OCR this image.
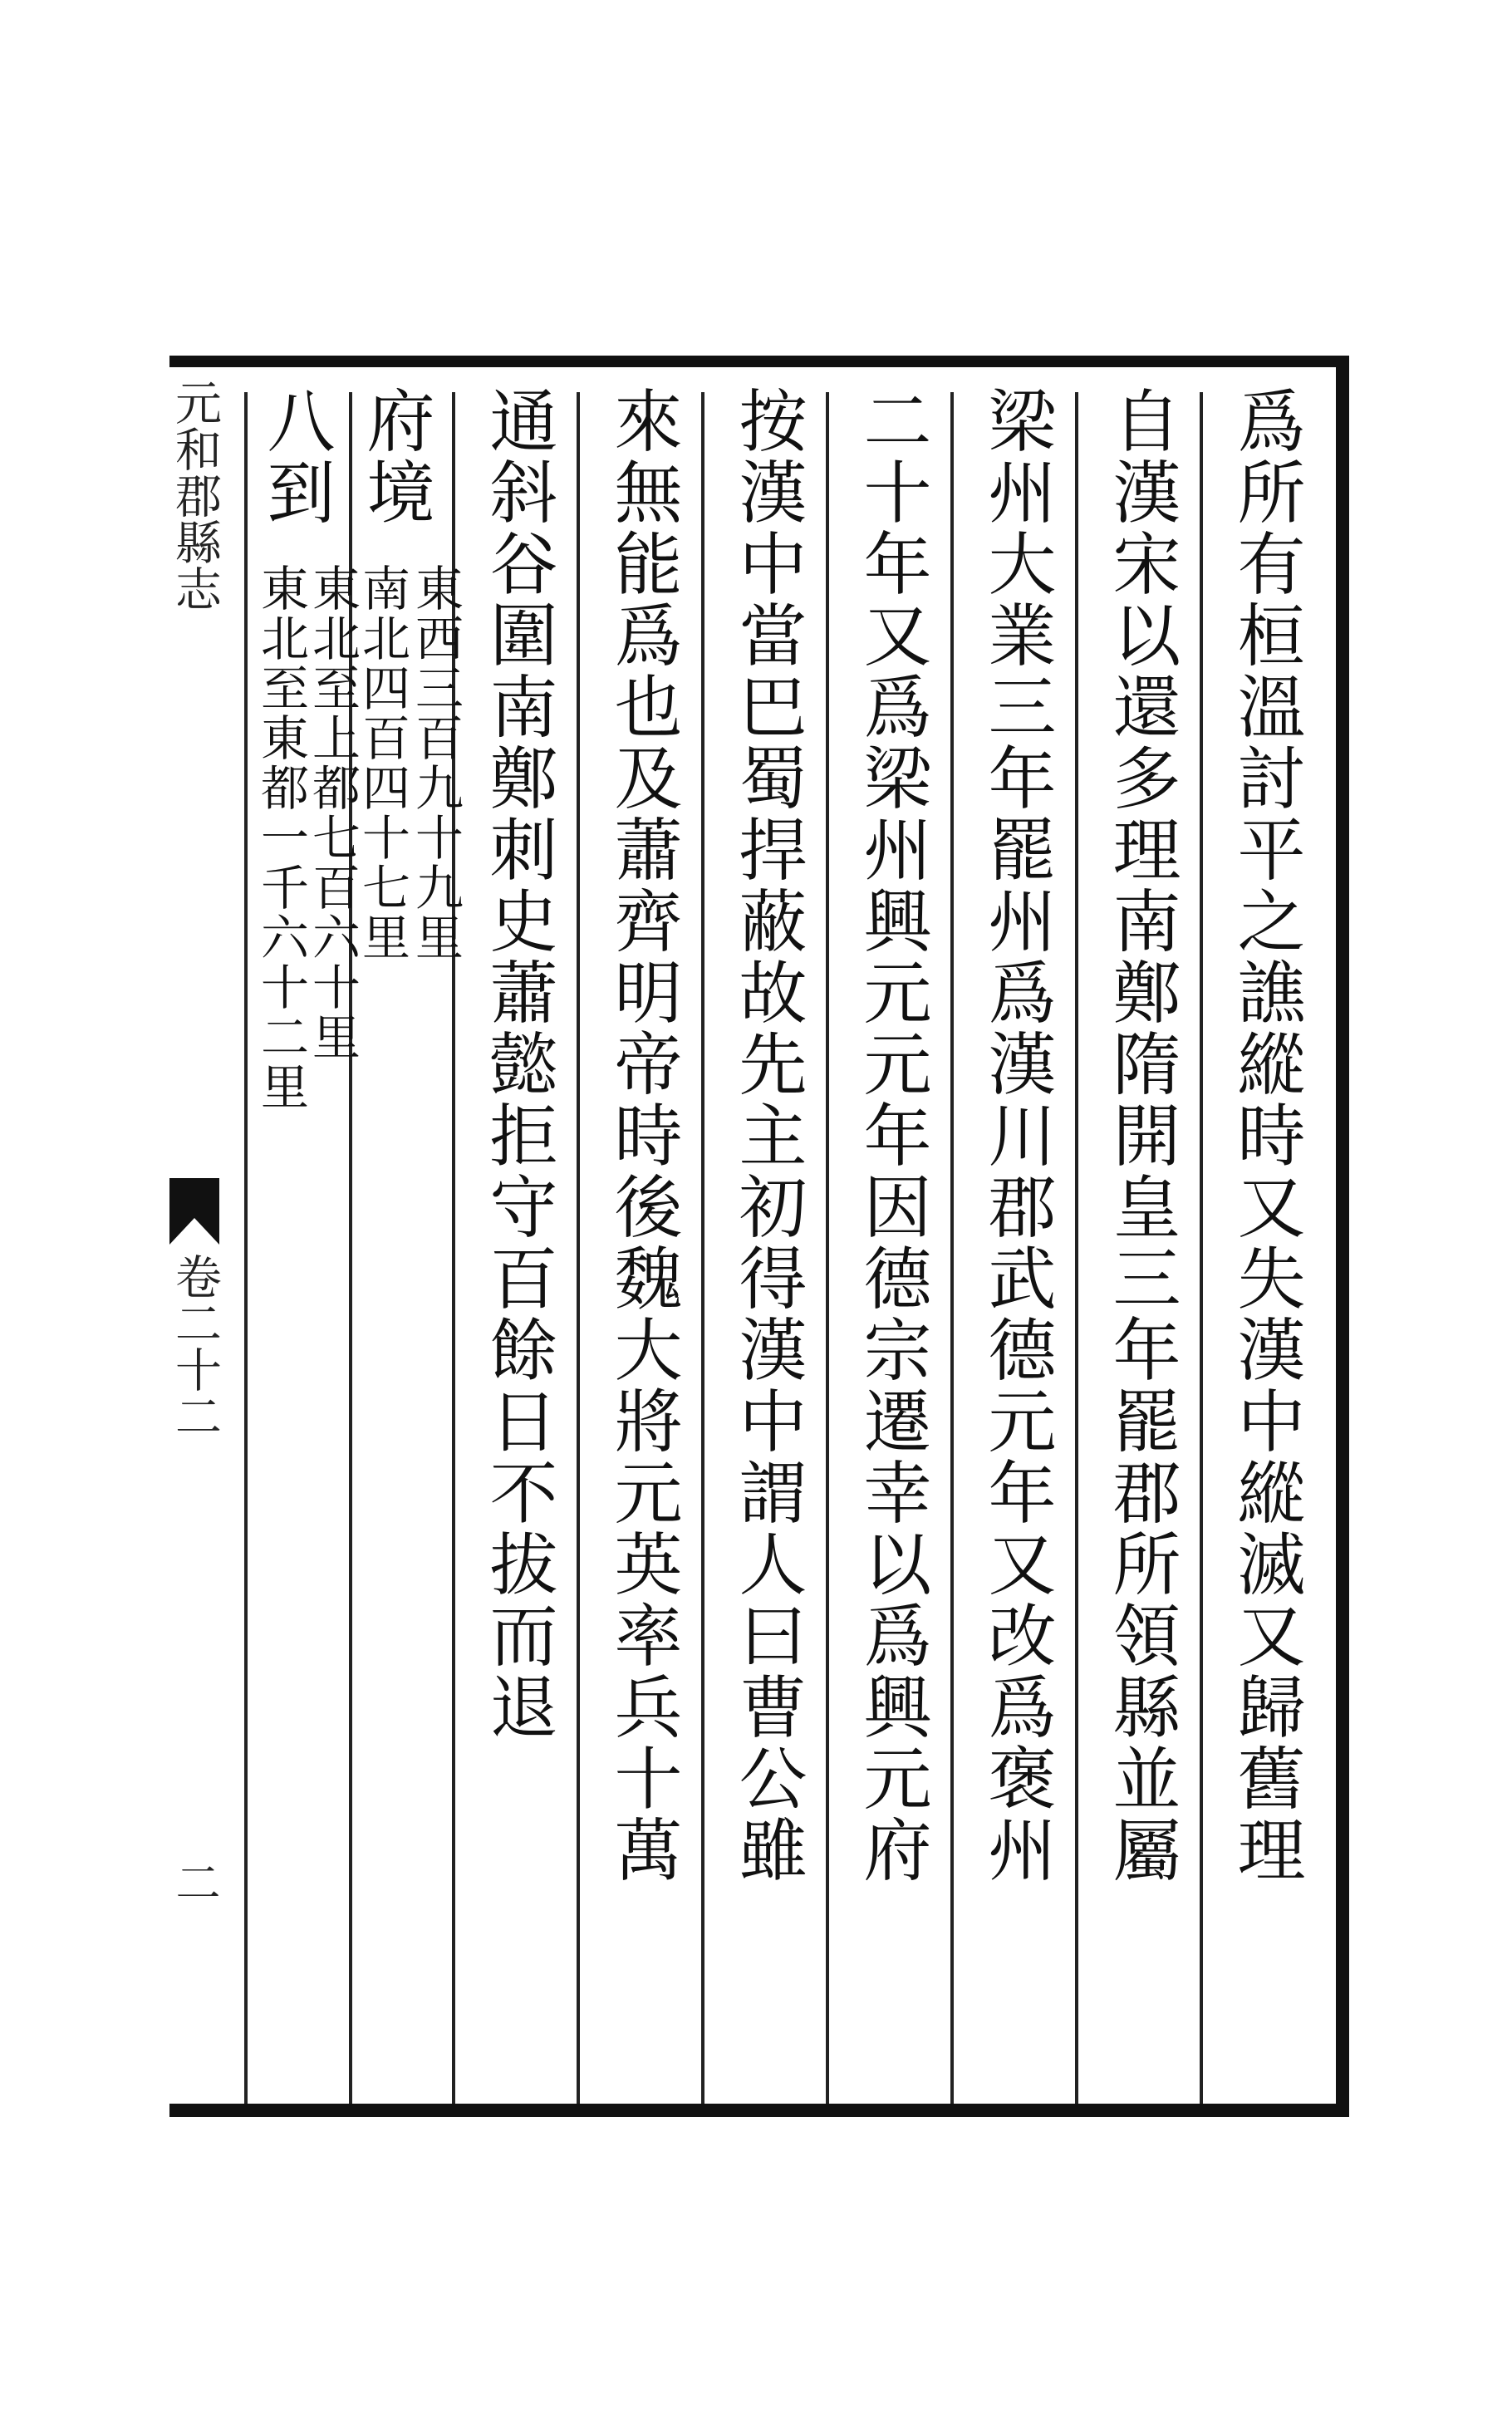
爲所有桓溫討平之譙縱時又失漢中縱滅又歸舊理
自漢宋以還多理南鄭隋開皇三年罷郡所領縣並屬
梁州大業三年罷州爲漢川郡武德元年又改爲褒州
二十年又爲梁州興元元年因德宗遷幸以爲興元府
按漢中當巴蜀捍蔽故先主初得漢中謂人曰曹公雖
來無能爲也及蕭齊明帝時後魏大將元英率兵十萬
通斜谷圍南鄭刺史蕭懿拒守百餘日不拔而退
府境
東西三百九十九里
南北四百四十七里
八到
東北至上都七百六十里
東北至東都一千六十二里
元和郡縣志
卷二十二
二
